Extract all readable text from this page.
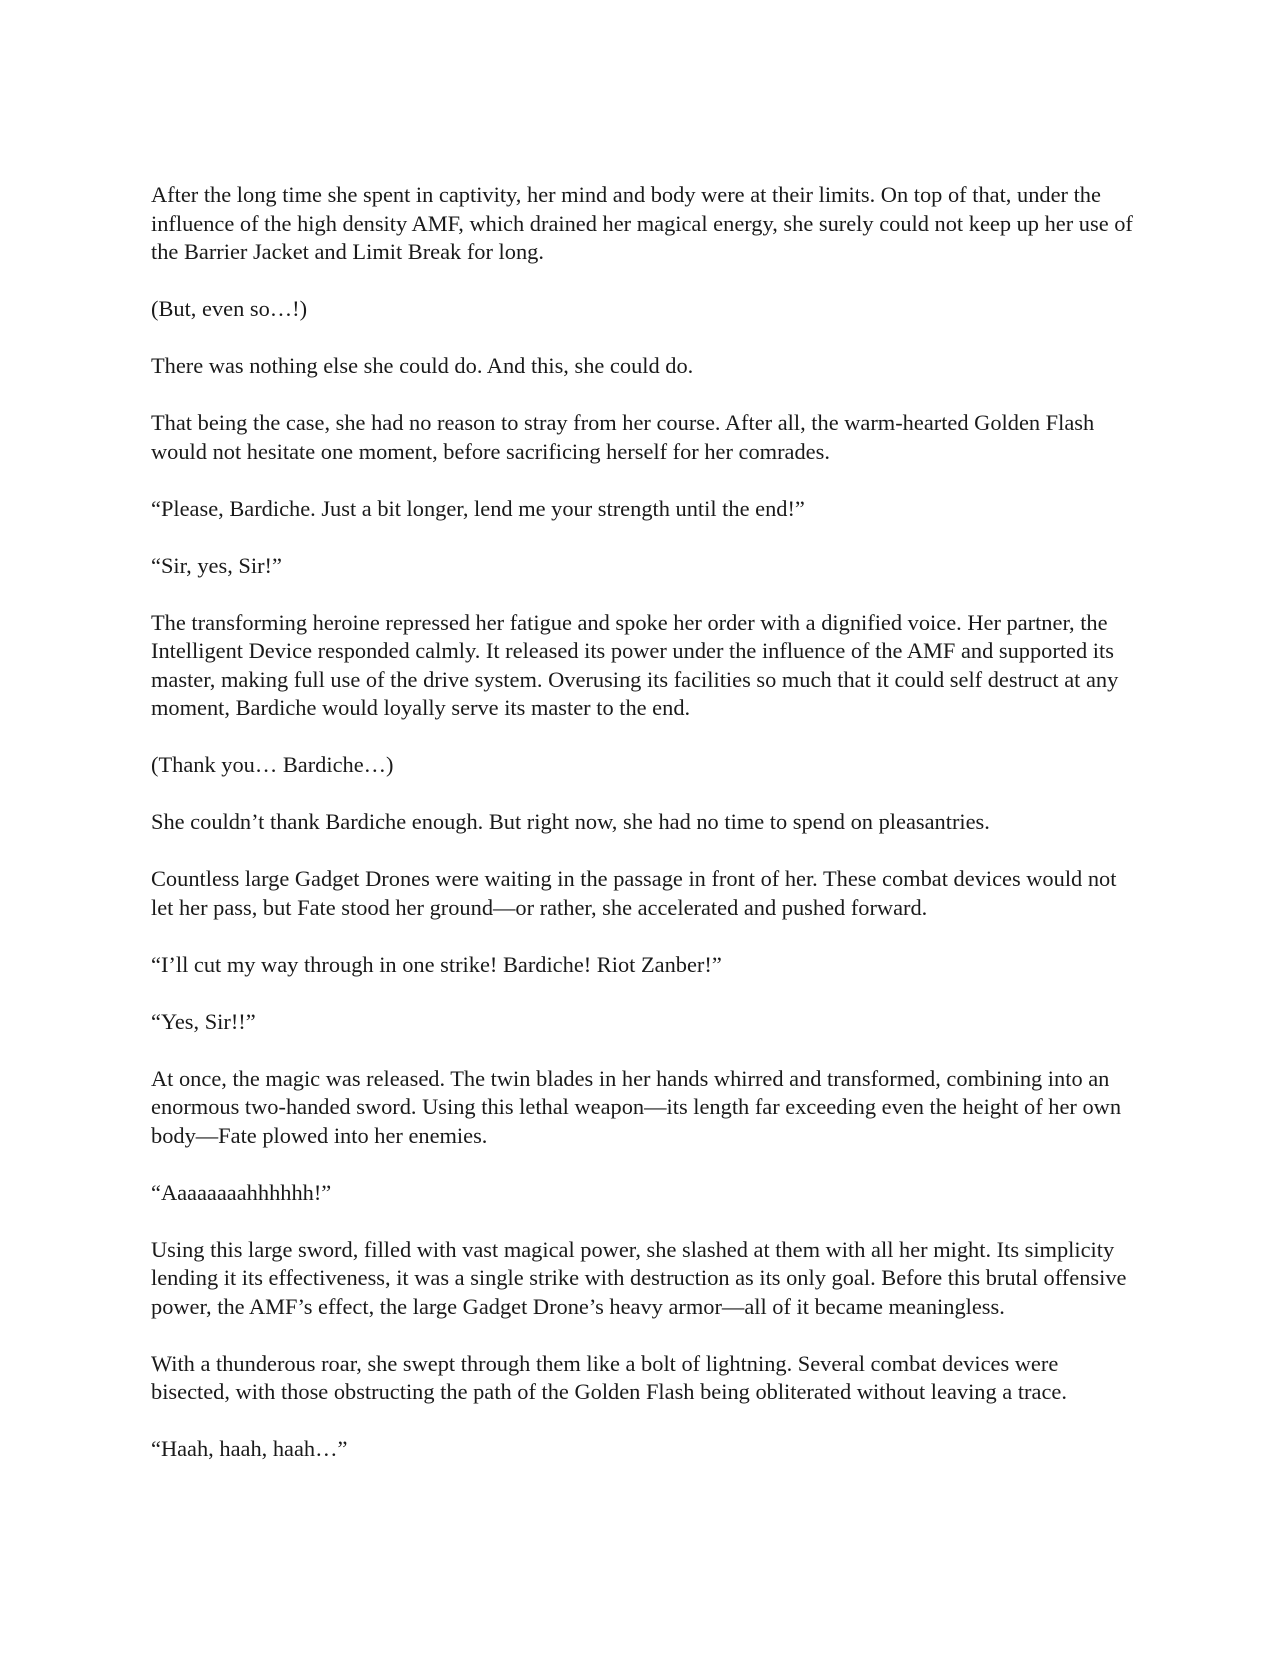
After the long time she spent in captivity, her mind and body were at their limits. On top of that, under the influence of the high density AMF, which drained her magical energy, she surely could not keep up her use of the Barrier Jacket and Limit Break for long.

(But, even so…!)

There was nothing else she could do. And this, she could do.

That being the case, she had no reason to stray from her course. After all, the warm-hearted Golden Flash would not hesitate one moment, before sacrificing herself for her comrades.

“Please, Bardiche. Just a bit longer, lend me your strength until the end!”

“Sir, yes, Sir!”

The transforming heroine repressed her fatigue and spoke her order with a dignified voice. Her partner, the Intelligent Device responded calmly. It released its power under the influence of the AMF and supported its master, making full use of the drive system. Overusing its facilities so much that it could self destruct at any moment, Bardiche would loyally serve its master to the end.

(Thank you… Bardiche…)

She couldn’t thank Bardiche enough. But right now, she had no time to spend on pleasantries.

Countless large Gadget Drones were waiting in the passage in front of her. These combat devices would not let her pass, but Fate stood her ground—or rather, she accelerated and pushed forward.

“I’ll cut my way through in one strike! Bardiche! Riot Zanber!”

“Yes, Sir!!”

At once, the magic was released. The twin blades in her hands whirred and transformed, combining into an enormous two-handed sword. Using this lethal weapon—its length far exceeding even the height of her own body—Fate plowed into her enemies.

“Aaaaaaaahhhhhh!”

Using this large sword, filled with vast magical power, she slashed at them with all her might. Its simplicity lending it its effectiveness, it was a single strike with destruction as its only goal. Before this brutal offensive power, the AMF’s effect, the large Gadget Drone’s heavy armor—all of it became meaningless.

With a thunderous roar, she swept through them like a bolt of lightning. Several combat devices were bisected, with those obstructing the path of the Golden Flash being obliterated without leaving a trace.

“Haah, haah, haah…”
